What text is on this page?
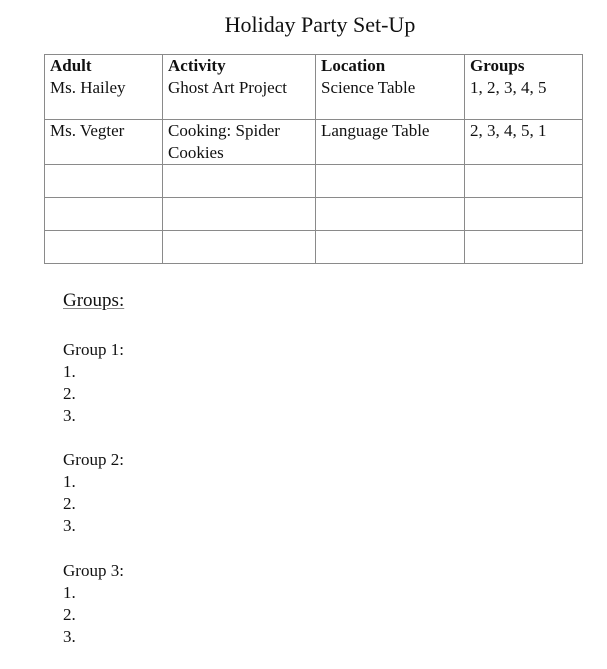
Holiday Party Set-Up
Adult	Activity	Location	Groups
Ms. Hailey	Ghost Art Project	Science Table	1, 2, 3, 4, 5
Ms. Vegter	Cooking: Spider Cookies	Language Table	2, 3, 4, 5, 1

Groups:
Group 1:
1.
2.
3.
Group 2:
1.
2.
3.
Group 3:
1.
2.
3.
